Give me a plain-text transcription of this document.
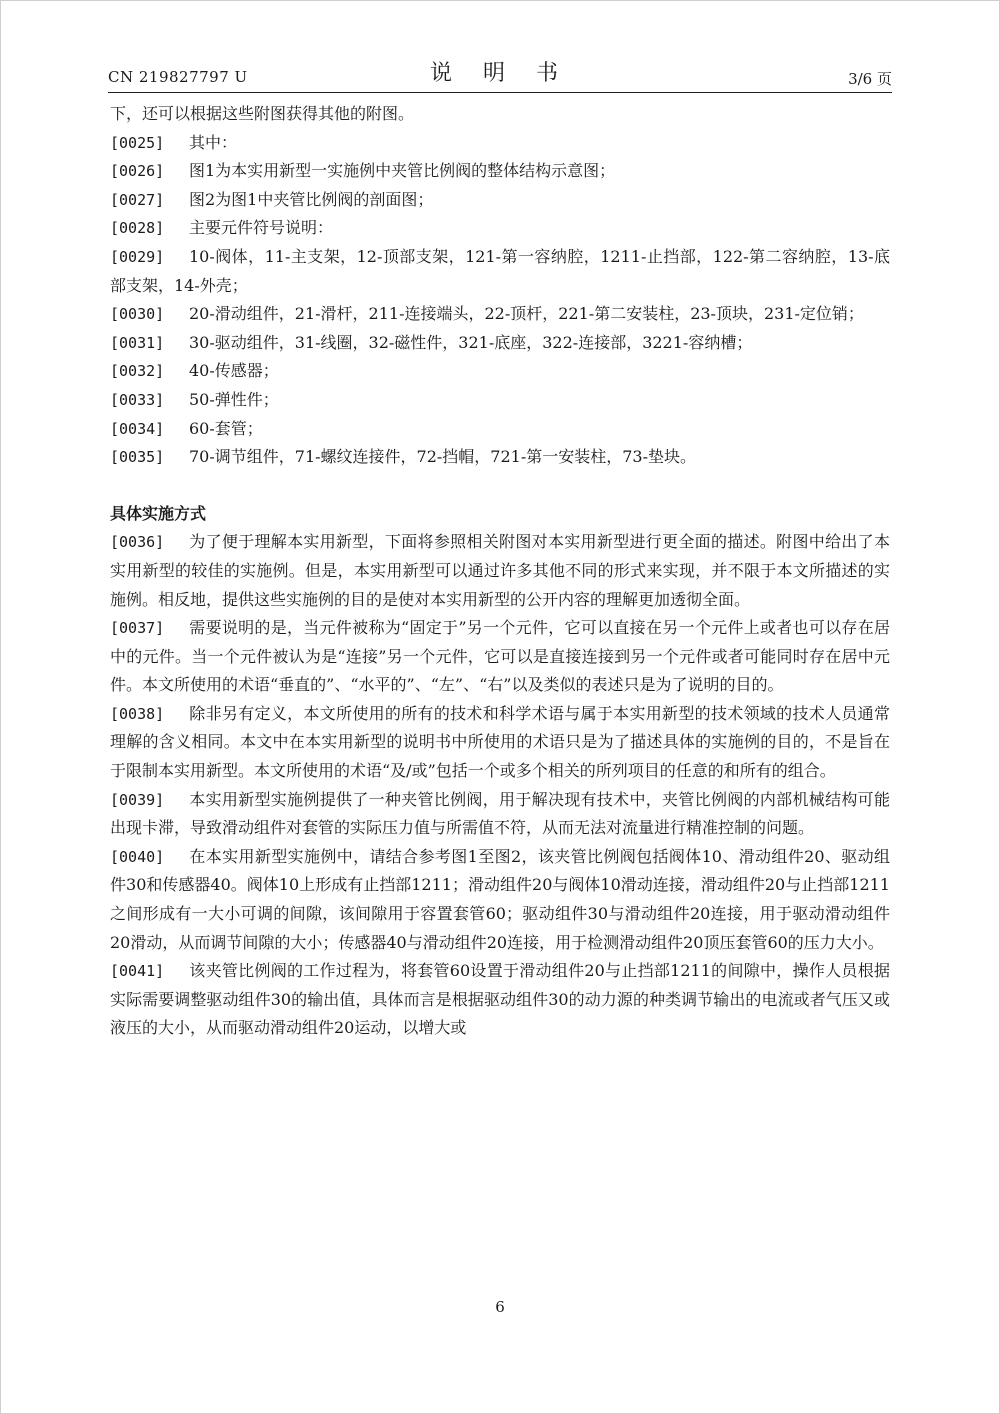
CN 219827797 U	说 明 书	3/6 页

下，还可以根据这些附图获得其他的附图。

[0025] 其中：

[0026] 图1为本实用新型一实施例中夹管比例阀的整体结构示意图；

[0027] 图2为图1中夹管比例阀的剖面图；

[0028] 主要元件符号说明：

[0029] 10-阀体，11-主支架，12-顶部支架，121-第一容纳腔，1211-止挡部，122-第二容纳腔，13-底部支架，14-外壳；

[0030] 20-滑动组件，21-滑杆，211-连接端头，22-顶杆，221-第二安装柱，23-顶块，231-定位销；

[0031] 30-驱动组件，31-线圈，32-磁性件，321-底座，322-连接部，3221-容纳槽；

[0032] 40-传感器；

[0033] 50-弹性件；

[0034] 60-套管；

[0035] 70-调节组件，71-螺纹连接件，72-挡帽，721-第一安装柱，73-垫块。

具体实施方式

[0036] 为了便于理解本实用新型，下面将参照相关附图对本实用新型进行更全面的描述。附图中给出了本实用新型的较佳的实施例。但是，本实用新型可以通过许多其他不同的形式来实现，并不限于本文所描述的实施例。相反地，提供这些实施例的目的是使对本实用新型的公开内容的理解更加透彻全面。

[0037] 需要说明的是，当元件被称为“固定于”另一个元件，它可以直接在另一个元件上或者也可以存在居中的元件。当一个元件被认为是“连接”另一个元件，它可以是直接连接到另一个元件或者可能同时存在居中元件。本文所使用的术语“垂直的”、“水平的”、“左”、“右”以及类似的表述只是为了说明的目的。

[0038] 除非另有定义，本文所使用的所有的技术和科学术语与属于本实用新型的技术领域的技术人员通常理解的含义相同。本文中在本实用新型的说明书中所使用的术语只是为了描述具体的实施例的目的，不是旨在于限制本实用新型。本文所使用的术语“及/或”包括一个或多个相关的所列项目的任意的和所有的组合。

[0039] 本实用新型实施例提供了一种夹管比例阀，用于解决现有技术中，夹管比例阀的内部机械结构可能出现卡滞，导致滑动组件对套管的实际压力值与所需值不符，从而无法对流量进行精准控制的问题。

[0040] 在本实用新型实施例中，请结合参考图1至图2，该夹管比例阀包括阀体10、滑动组件20、驱动组件30和传感器40。阀体10上形成有止挡部1211；滑动组件20与阀体10滑动连接，滑动组件20与止挡部1211之间形成有一大小可调的间隙，该间隙用于容置套管60；驱动组件30与滑动组件20连接，用于驱动滑动组件20滑动，从而调节间隙的大小；传感器40与滑动组件20连接，用于检测滑动组件20顶压套管60的压力大小。

[0041] 该夹管比例阀的工作过程为，将套管60设置于滑动组件20与止挡部1211的间隙中，操作人员根据实际需要调整驱动组件30的输出值，具体而言是根据驱动组件30的动力源的种类调节输出的电流或者气压又或液压的大小，从而驱动滑动组件20运动，以增大或

6
